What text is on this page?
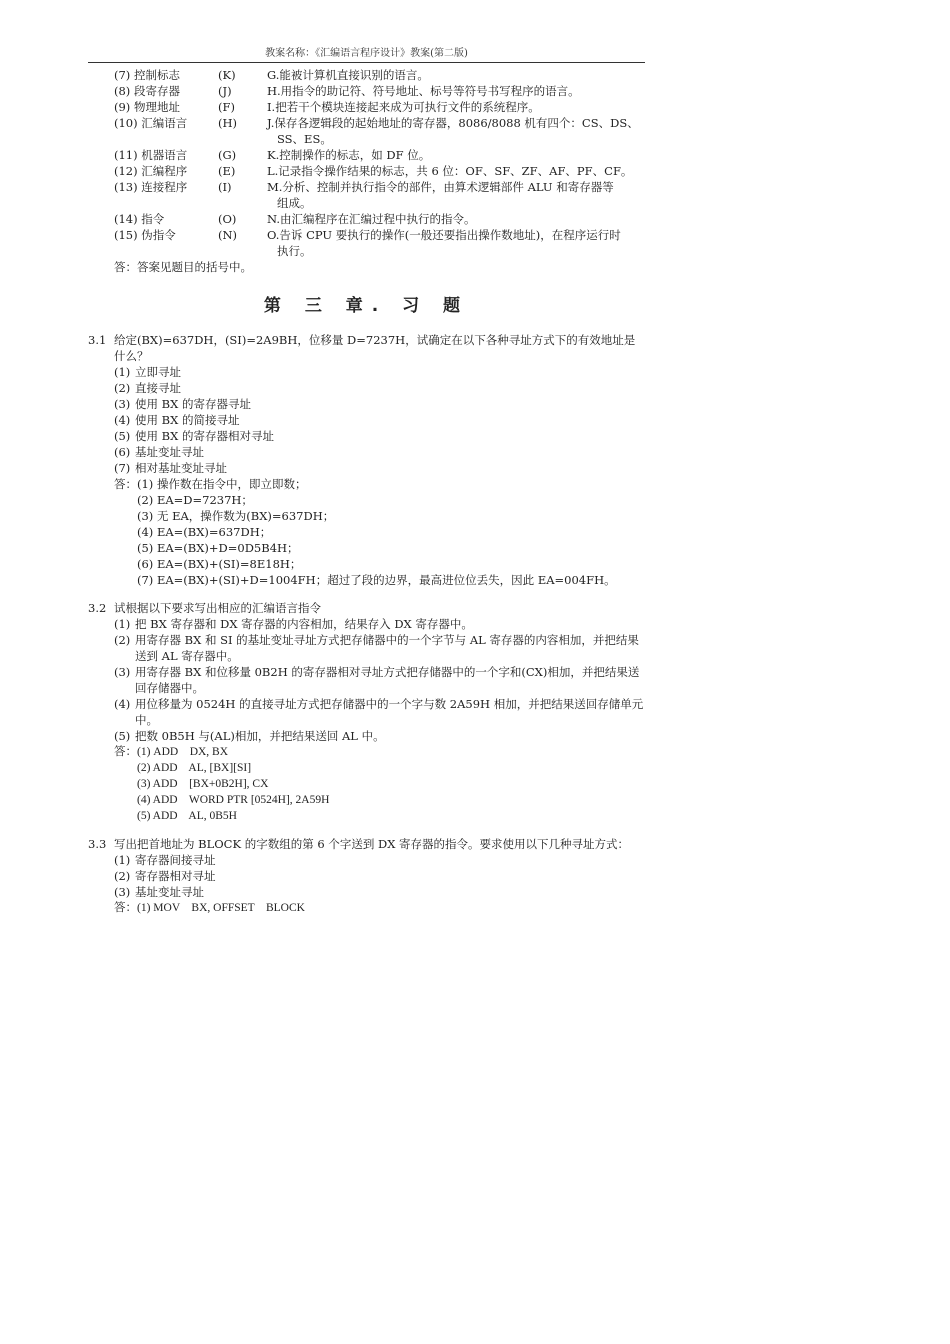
教案名称：《汇编语言程序设计》教案(第二版)
(7) 控制标志	(K)	G.能被计算机直接识别的语言。
(8) 段寄存器	(J)	H.用指令的助记符、符号地址、标号等符号书写程序的语言。
(9) 物理地址	(F)	I.把若干个模块连接起来成为可执行文件的系统程序。
(10) 汇编语言	(H)	J.保存各逻辑段的起始地址的寄存器，8086/8088 机有四个：CS、DS、
SS、ES。
(11) 机器语言	(G)	K.控制操作的标志，如 DF 位。
(12) 汇编程序	(E)	L.记录指令操作结果的标志，共 6 位：OF、SF、ZF、AF、PF、CF。
(13) 连接程序	(I)	M.分析、控制并执行指令的部件，由算术逻辑部件 ALU 和寄存器等
组成。
(14) 指令	(O)	N.由汇编程序在汇编过程中执行的指令。
(15) 伪指令	(N)	O.告诉 CPU 要执行的操作(一般还要指出操作数地址)，在程序运行时
执行。
答：答案见题目的括号中。
第 三 章. 习 题
3.1 给定(BX)=637DH，(SI)=2A9BH，位移量 D=7237H，试确定在以下各种寻址方式下的有效地址是什么？
(1) 立即寻址
(2) 直接寻址
(3) 使用 BX 的寄存器寻址
(4) 使用 BX 的简接寻址
(5) 使用 BX 的寄存器相对寻址
(6) 基址变址寻址
(7) 相对基址变址寻址
答：(1) 操作数在指令中，即立即数；
(2) EA=D=7237H；
(3) 无 EA，操作数为(BX)=637DH；
(4) EA=(BX)=637DH；
(5) EA=(BX)+D=0D5B4H；
(6) EA=(BX)+(SI)=8E18H；
(7) EA=(BX)+(SI)+D=1004FH；超过了段的边界，最高进位位丢失，因此 EA=004FH。
3.2 试根据以下要求写出相应的汇编语言指令
(1) 把 BX 寄存器和 DX 寄存器的内容相加，结果存入 DX 寄存器中。
(2) 用寄存器 BX 和 SI 的基址变址寻址方式把存储器中的一个字节与 AL 寄存器的内容相加，并把结果送到 AL 寄存器中。
(3) 用寄存器 BX 和位移量 0B2H 的寄存器相对寻址方式把存储器中的一个字和(CX)相加，并把结果送回存储器中。
(4) 用位移量为 0524H 的直接寻址方式把存储器中的一个字与数 2A59H 相加，并把结果送回存储单元中。
(5) 把数 0B5H 与(AL)相加，并把结果送回 AL 中。
答：(1) ADD    DX, BX
(2) ADD    AL, [BX][SI]
(3) ADD    [BX+0B2H], CX
(4) ADD    WORD PTR [0524H], 2A59H
(5) ADD    AL, 0B5H
3.3 写出把首地址为 BLOCK 的字数组的第 6 个字送到 DX 寄存器的指令。要求使用以下几种寻址方式：
(1) 寄存器间接寻址
(2) 寄存器相对寻址
(3) 基址变址寻址
答：(1) MOV    BX, OFFSET    BLOCK
